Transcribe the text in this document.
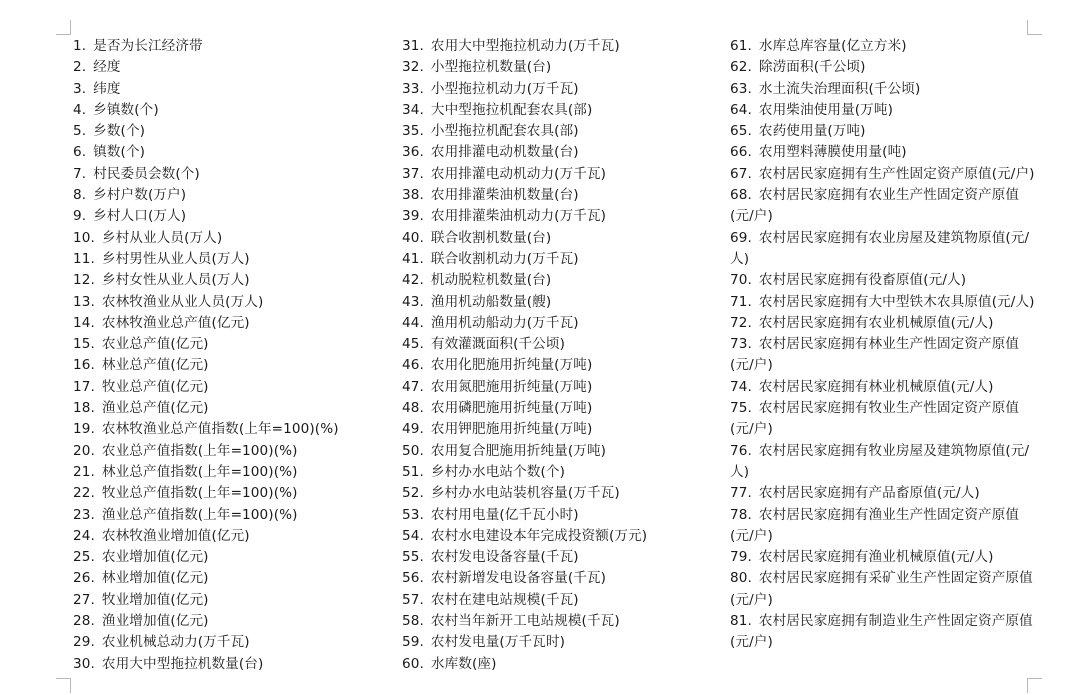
1. 是否为长江经济带
2. 经度
3. 纬度
4. 乡镇数(个)
5. 乡数(个)
6. 镇数(个)
7. 村民委员会数(个)
8. 乡村户数(万户)
9. 乡村人口(万人)
10. 乡村从业人员(万人)
11. 乡村男性从业人员(万人)
12. 乡村女性从业人员(万人)
13. 农林牧渔业从业人员(万人)
14. 农林牧渔业总产值(亿元)
15. 农业总产值(亿元)
16. 林业总产值(亿元)
17. 牧业总产值(亿元)
18. 渔业总产值(亿元)
19. 农林牧渔业总产值指数(上年=100)(%)
20. 农业总产值指数(上年=100)(%)
21. 林业总产值指数(上年=100)(%)
22. 牧业总产值指数(上年=100)(%)
23. 渔业总产值指数(上年=100)(%)
24. 农林牧渔业增加值(亿元)
25. 农业增加值(亿元)
26. 林业增加值(亿元)
27. 牧业增加值(亿元)
28. 渔业增加值(亿元)
29. 农业机械总动力(万千瓦)
30. 农用大中型拖拉机数量(台)
31. 农用大中型拖拉机动力(万千瓦)
32. 小型拖拉机数量(台)
33. 小型拖拉机动力(万千瓦)
34. 大中型拖拉机配套农具(部)
35. 小型拖拉机配套农具(部)
36. 农用排灌电动机数量(台)
37. 农用排灌电动机动力(万千瓦)
38. 农用排灌柴油机数量(台)
39. 农用排灌柴油机动力(万千瓦)
40. 联合收割机数量(台)
41. 联合收割机动力(万千瓦)
42. 机动脱粒机数量(台)
43. 渔用机动船数量(艘)
44. 渔用机动船动力(万千瓦)
45. 有效灌溉面积(千公顷)
46. 农用化肥施用折纯量(万吨)
47. 农用氮肥施用折纯量(万吨)
48. 农用磷肥施用折纯量(万吨)
49. 农用钾肥施用折纯量(万吨)
50. 农用复合肥施用折纯量(万吨)
51. 乡村办水电站个数(个)
52. 乡村办水电站装机容量(万千瓦)
53. 农村用电量(亿千瓦小时)
54. 农村水电建设本年完成投资额(万元)
55. 农村发电设备容量(千瓦)
56. 农村新增发电设备容量(千瓦)
57. 农村在建电站规模(千瓦)
58. 农村当年新开工电站规模(千瓦)
59. 农村发电量(万千瓦时)
60. 水库数(座)
61. 水库总库容量(亿立方米)
62. 除涝面积(千公顷)
63. 水土流失治理面积(千公顷)
64. 农用柴油使用量(万吨)
65. 农药使用量(万吨)
66. 农用塑料薄膜使用量(吨)
67. 农村居民家庭拥有生产性固定资产原值(元/户)
68. 农村居民家庭拥有农业生产性固定资产原值(元/户)
69. 农村居民家庭拥有农业房屋及建筑物原值(元/人)
70. 农村居民家庭拥有役畜原值(元/人)
71. 农村居民家庭拥有大中型铁木农具原值(元/人)
72. 农村居民家庭拥有农业机械原值(元/人)
73. 农村居民家庭拥有林业生产性固定资产原值(元/户)
74. 农村居民家庭拥有林业机械原值(元/人)
75. 农村居民家庭拥有牧业生产性固定资产原值(元/户)
76. 农村居民家庭拥有牧业房屋及建筑物原值(元/人)
77. 农村居民家庭拥有产品畜原值(元/人)
78. 农村居民家庭拥有渔业生产性固定资产原值(元/户)
79. 农村居民家庭拥有渔业机械原值(元/人)
80. 农村居民家庭拥有采矿业生产性固定资产原值(元/户)
81. 农村居民家庭拥有制造业生产性固定资产原值(元/户)
